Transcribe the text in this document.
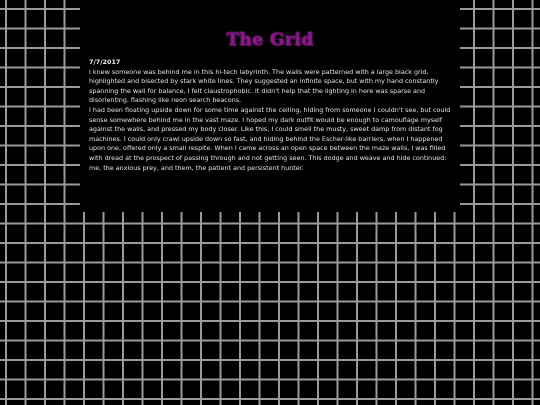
The Grid
7/7/2017

I knew someone was behind me in this hi-tech labyrinth. The walls were patterned with a large black grid, highlighted and bisected by stark white lines. They suggested an infinite space, but with my hand constantly spanning the wall for balance, I felt claustrophobic. It didn't help that the lighting in here was sparse and disorienting, flashing like neon search beacons.

I had been floating upside down for some time against the ceiling, hiding from someone I couldn't see, but could sense somewhere behind me in the vast maze. I hoped my dark outfit would be enough to camouflage myself against the walls, and pressed my body closer. Like this, I could smell the musty, sweet damp from distant fog machines. I could only crawl upside down so fast, and hiding behind the Escher-like barriers, when I happened upon one, offered only a small respite. When I came across an open space between the maze walls, I was filled with dread at the prospect of passing through and not getting seen. This dodge and weave and hide continued: me, the anxious prey, and them, the patient and persistent hunter.
